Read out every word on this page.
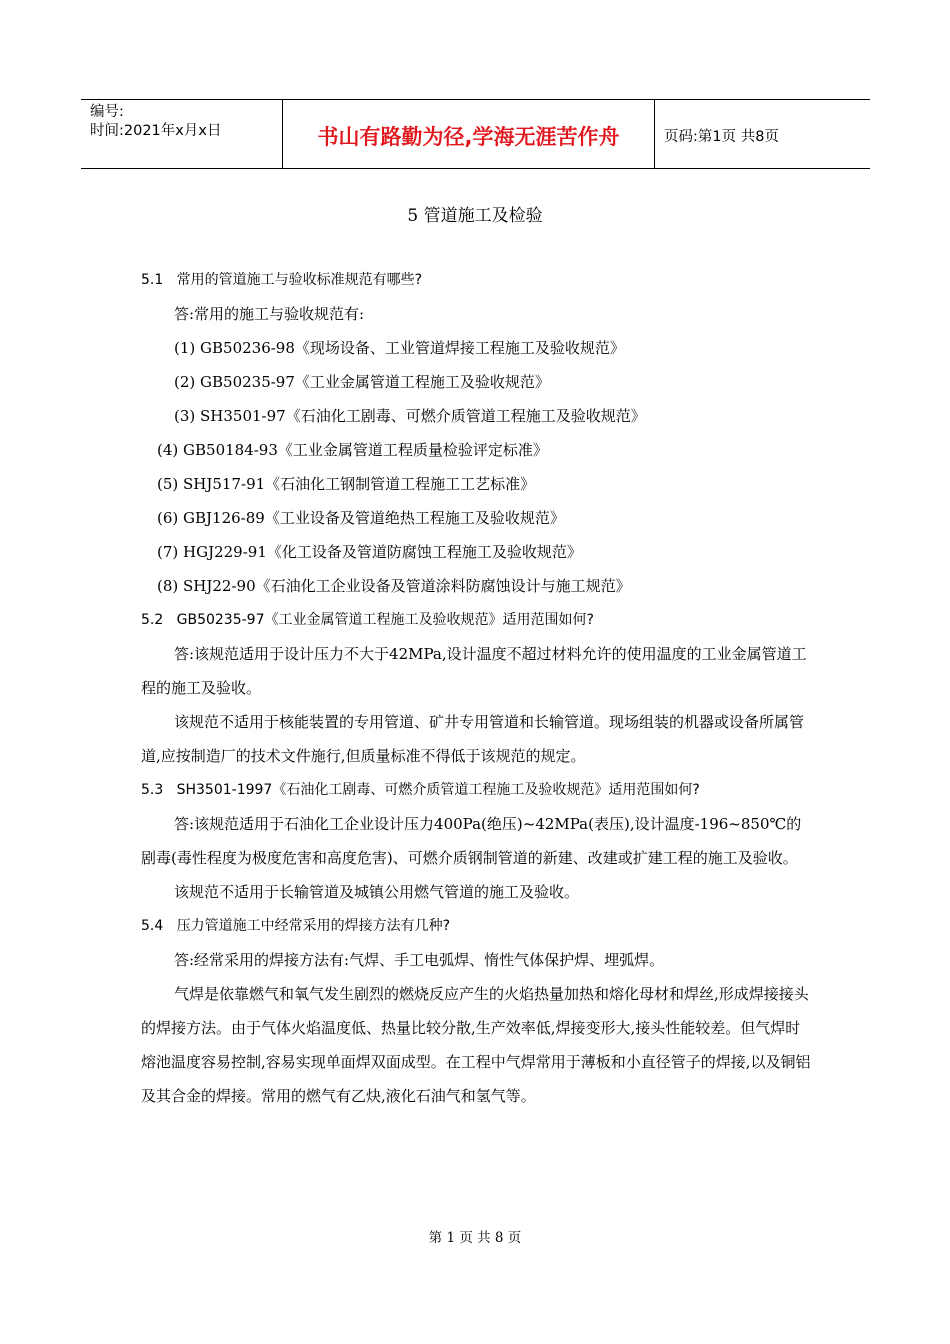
编号:
时间:2021年x月x日	书山有路勤为径,学海无涯苦作舟	页码:第1页 共8页
5 管道施工及检验
5.1   常用的管道施工与验收标准规范有哪些?
答:常用的施工与验收规范有:
(1) GB50236-98《现场设备、工业管道焊接工程施工及验收规范》
(2) GB50235-97《工业金属管道工程施工及验收规范》
(3) SH3501-97《石油化工剧毒、可燃介质管道工程施工及验收规范》
(4) GB50184-93《工业金属管道工程质量检验评定标准》
(5) SHJ517-91《石油化工钢制管道工程施工工艺标准》
(6) GBJ126-89《工业设备及管道绝热工程施工及验收规范》
(7) HGJ229-91《化工设备及管道防腐蚀工程施工及验收规范》
(8) SHJ22-90《石油化工企业设备及管道涂料防腐蚀设计与施工规范》
5.2   GB50235-97《工业金属管道工程施工及验收规范》适用范围如何?
答:该规范适用于设计压力不大于42MPa,设计温度不超过材料允许的使用温度的工业金属管道工程的施工及验收。
该规范不适用于核能装置的专用管道、矿井专用管道和长输管道。现场组装的机器或设备所属管道,应按制造厂的技术文件施行,但质量标准不得低于该规范的规定。
5.3   SH3501-1997《石油化工剧毒、可燃介质管道工程施工及验收规范》适用范围如何?
答:该规范适用于石油化工企业设计压力400Pa(绝压)~42MPa(表压),设计温度-196~850℃的剧毒(毒性程度为极度危害和高度危害)、可燃介质钢制管道的新建、改建或扩建工程的施工及验收。
该规范不适用于长输管道及城镇公用燃气管道的施工及验收。
5.4   压力管道施工中经常采用的焊接方法有几种?
答:经常采用的焊接方法有:气焊、手工电弧焊、惰性气体保护焊、埋弧焊。
气焊是依靠燃气和氧气发生剧烈的燃烧反应产生的火焰热量加热和熔化母材和焊丝,形成焊接接头的焊接方法。由于气体火焰温度低、热量比较分散,生产效率低,焊接变形大,接头性能较差。但气焊时熔池温度容易控制,容易实现单面焊双面成型。在工程中气焊常用于薄板和小直径管子的焊接,以及铜铝及其合金的焊接。常用的燃气有乙炔,液化石油气和氢气等。
第 1 页 共 8 页
